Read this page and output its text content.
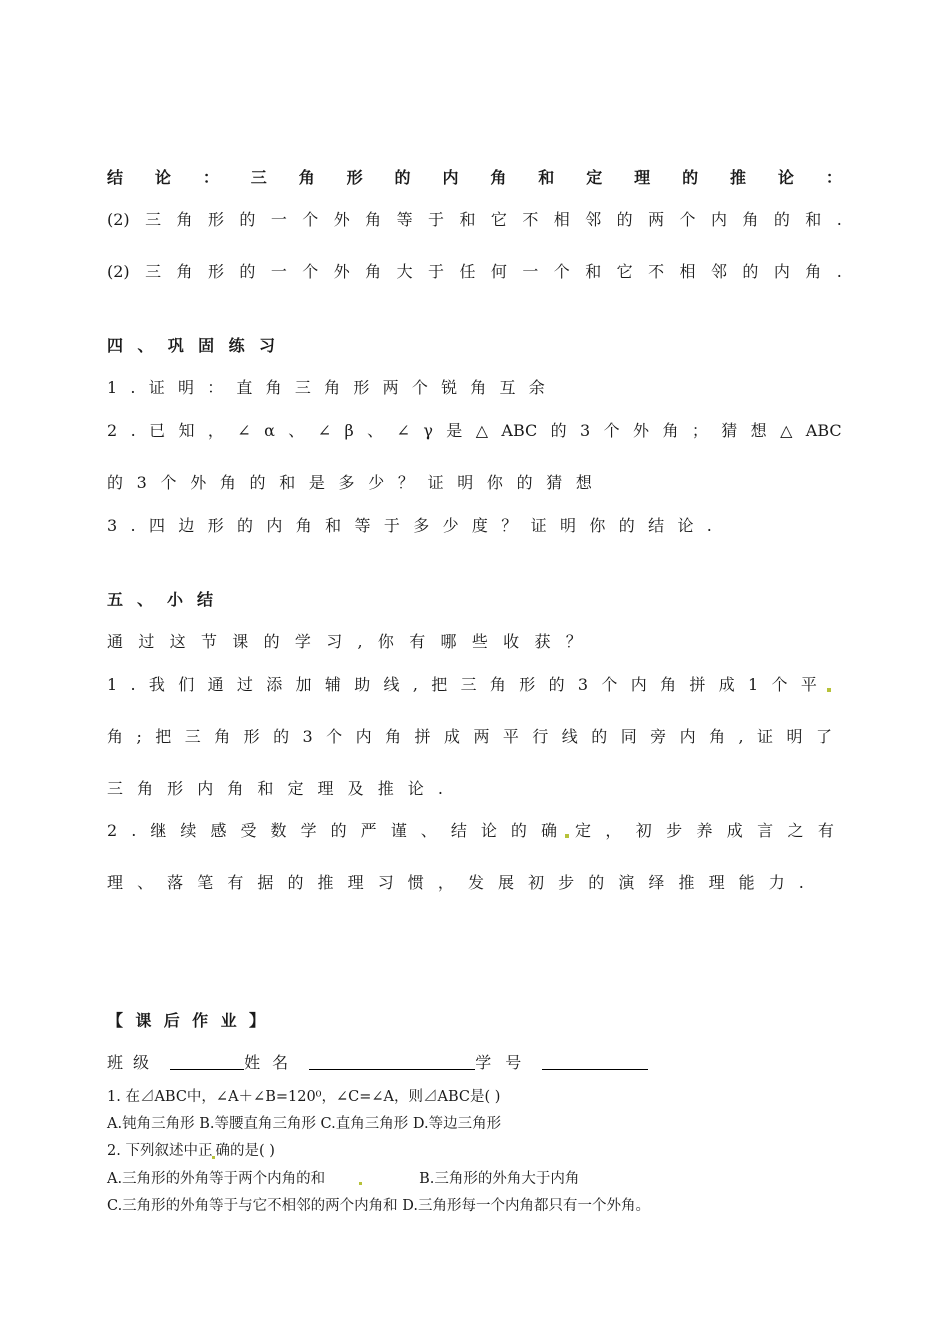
结 论 ： 三 角 形 的 内 角 和 定 理 的 推 论 ：
(2) 三 角 形 的 一 个 外 角 等 于 和 它 不 相 邻 的 两 个 内 角 的 和 .
(2) 三 角 形 的 一 个 外 角 大 于 任 何 一 个 和 它 不 相 邻 的 内 角 .
四 、 巩 固 练 习
1 . 证 明 ： 直 角 三 角 形 两 个 锐 角 互 余
2 . 已 知 ， ∠ α 、 ∠ β 、 ∠ γ 是 △ ABC 的 3 个 外 角 ； 猜 想 △ ABC
的 3 个 外 角 的 和 是 多 少 ？ 证 明 你 的 猜 想
3 . 四 边 形 的 内 角 和 等 于 多 少 度 ？ 证 明 你 的 结 论 .
五 、 小 结
通 过 这 节 课 的 学 习 , 你 有 哪 些 收 获 ？
1 . 我 们 通 过 添 加 辅 助 线 , 把 三 角 形 的 3 个 内 角 拼 成 1 个 平
角 ; 把 三 角 形 的 3 个 内 角 拼 成 两 平 行 线 的 同 旁 内 角 , 证 明 了
三 角 形 内 角 和 定 理 及 推 论 .
2 . 继 续 感 受 数 学 的 严 谨 、 结 论 的 确 定 ， 初 步 养 成 言 之 有
理 、 落 笔 有 据 的 推 理 习 惯 ， 发 展 初 步 的 演 绎 推 理 能 力 .
【 课 后 作 业 】
班级	姓名	学号
1. 在⊿ABC中，∠A＋∠B=120⁰，∠C=∠A，则⊿ABC是( )
A.钝角三角形 B.等腰直角三角形 C.直角三角形 D.等边三角形
2. 下列叙述中正 确的是( )
A.三角形的外角等于两个内角的和	B.三角形的外角大于内角
C.三角形的外角等于与它不相邻的两个内角和 D.三角形每一个内角都只有一个外角。
